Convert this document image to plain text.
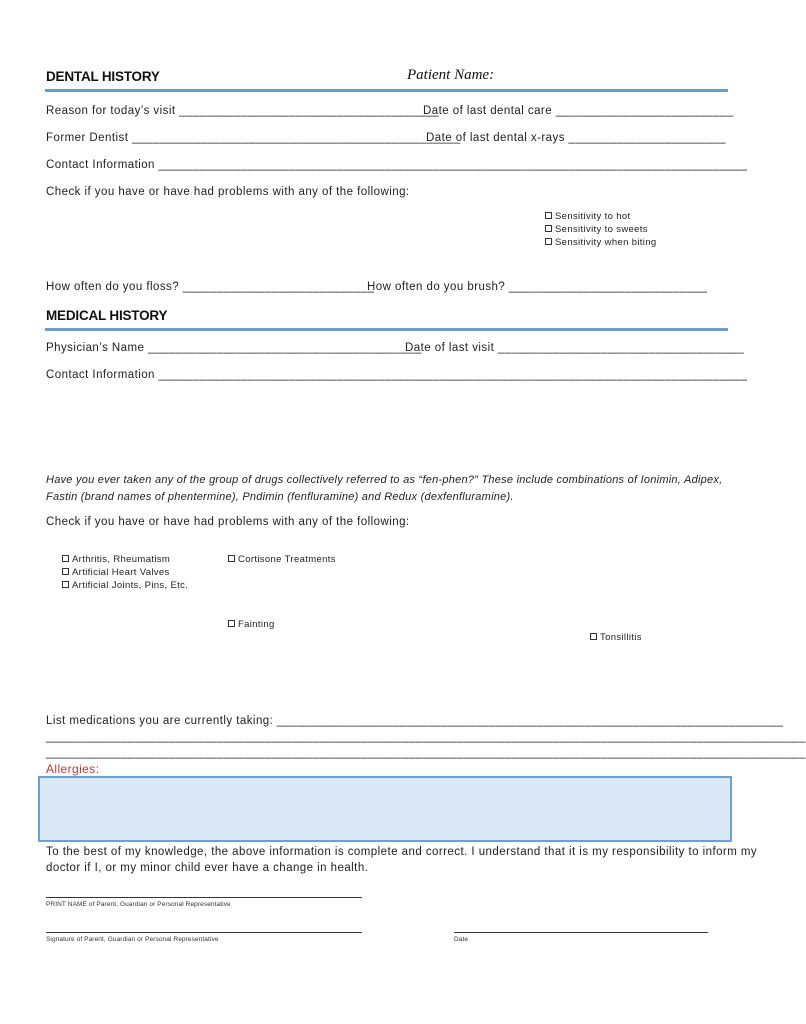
DENTAL HISTORY	Patient Name:
Reason for today’s visit ______________________________________
Date of last dental care __________________________
Former Dentist ________________________________________________
Date of last dental x-rays _______________________
Contact Information ______________________________________________________________________________________
Check if you have or have had problems with any of the following:
Sensitivity to hot
Sensitivity to sweets
Sensitivity when biting
How often do you floss? ____________________________
How often do you brush? _____________________________
MEDICAL HISTORY
Physician’s Name ________________________________________
Date of last visit ____________________________________
Contact Information ______________________________________________________________________________________
Have you ever taken any of the group of drugs collectively referred to as “fen-phen?” These include combinations of Ionimin, Adipex,
Fastin (brand names of phentermine), Pndimin (fenfluramine) and Redux (dexfenfluramine).
Check if you have or have had problems with any of the following:
Arthritis, Rheumatism
Artificial Heart Valves
Artificial Joints, Pins, Etc.
Cortisone Treatments
Fainting
Tonsillitis
List medications you are currently taking: __________________________________________________________________________
_______________________________________________________________________________________________________________
_______________________________________________________________________________________________________________
Allergies:
To the best of my knowledge, the above information is complete and correct. I understand that it is my responsibility to inform my
doctor if I, or my minor child ever have a change in health.
PRINT NAME of Parent, Guardian or Personal Representative
Signature of Parent, Guardian or Personal Representative	Date
